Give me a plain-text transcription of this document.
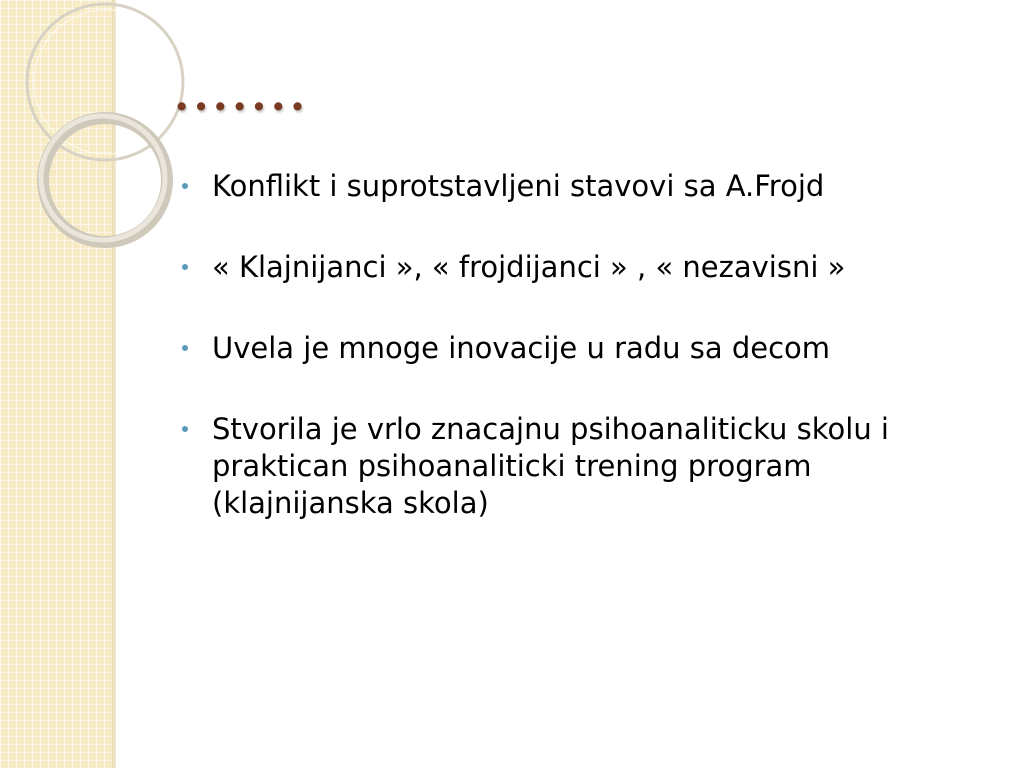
.......
Konflikt i suprotstavljeni stavovi sa A.Frojd
« Klajnijanci », « frojdijanci » , « nezavisni »
Uvela je mnoge inovacije u radu sa decom
Stvorila je vrlo znacajnu psihoanaliticku skolu i praktican psihoanaliticki trening program (klajnijanska skola)
